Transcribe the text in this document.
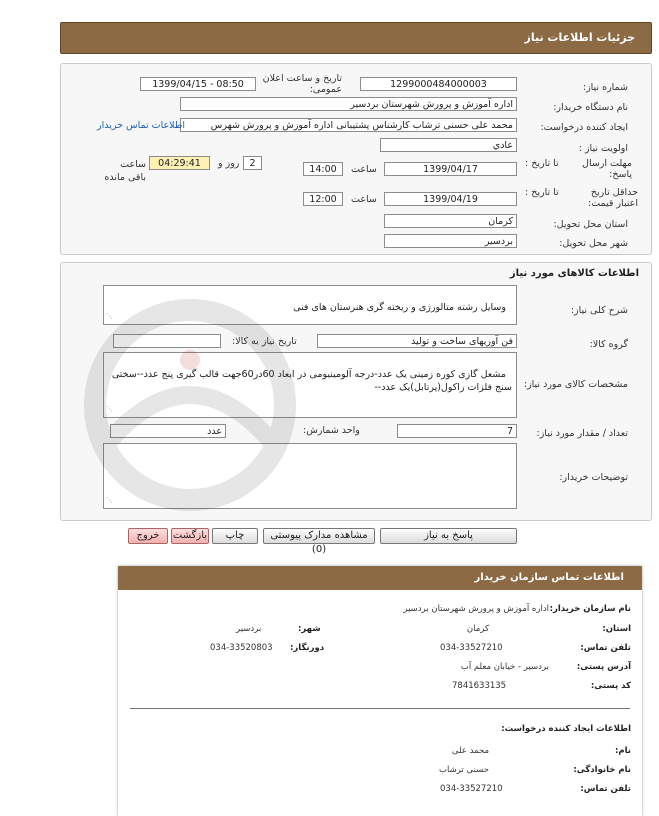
جزئیات اطلاعات نیاز
شماره نیاز:
1299000484000003
تاریخ و ساعت اعلان عمومی:
1399/04/15 - 08:50
نام دستگاه خریدار:
اداره آموزش و پرورش شهرستان بردسیر
ایجاد کننده درخواست:
محمد علی حسنی ترشاب کارشناس پشتیبانی اداره آموزش و پرورش شهرس
اطلاعات تماس خریدار
اولویت نیاز :
عادي
مهلت ارسال پاسخ:
تا تاریخ :
1399/04/17
ساعت
14:00
2
روز و
04:29:41
ساعت باقی مانده
حداقل تاریخ اعتبار قیمت:
تا تاریخ :
1399/04/19
ساعت
12:00
استان محل تحویل:
كرمان
شهر محل تحویل:
بردسیر
اطلاعات کالاهای مورد نیاز
شرح کلی نیاز:

وسایل رشته متالورژی و ریخته گری هنرستان های فنی

⋰

گروه کالا:
فن آوریهای ساخت و تولید
تاریخ نیاز به کالا:
مشخصات کالای مورد نیاز:

مشعل گازی کوره زمینی یک عدد-درجه آلومینیومی در ابعاد 60در60جهت قالب گیری پنج عدد--سختی سنج فلزات راکول(پرتابل)یک عدد--

⋰

تعداد / مقدار مورد نیاز:
7
واحد شمارش:
عدد
توضیحات خریدار:

⋰

پاسخ به نیاز
مشاهده مدارک پیوستی (0)
چاپ
بازگشت
خروج
اطلاعات تماس سازمان خریدار
نام سازمان خریدار:
اداره آموزش و پرورش شهرستان بردسیر
استان:
کرمان
شهر:
بردسیر
تلفن تماس:
034-33527210
دورنگار:
034-33520803
آدرس پستی:
بردسیر - خیابان معلم آب
کد پستی:
7841633135
اطلاعات ایجاد کننده درخواست:
نام:
محمد علی
نام خانوادگی:
حسنی ترشاب
تلفن تماس:
034-33527210
